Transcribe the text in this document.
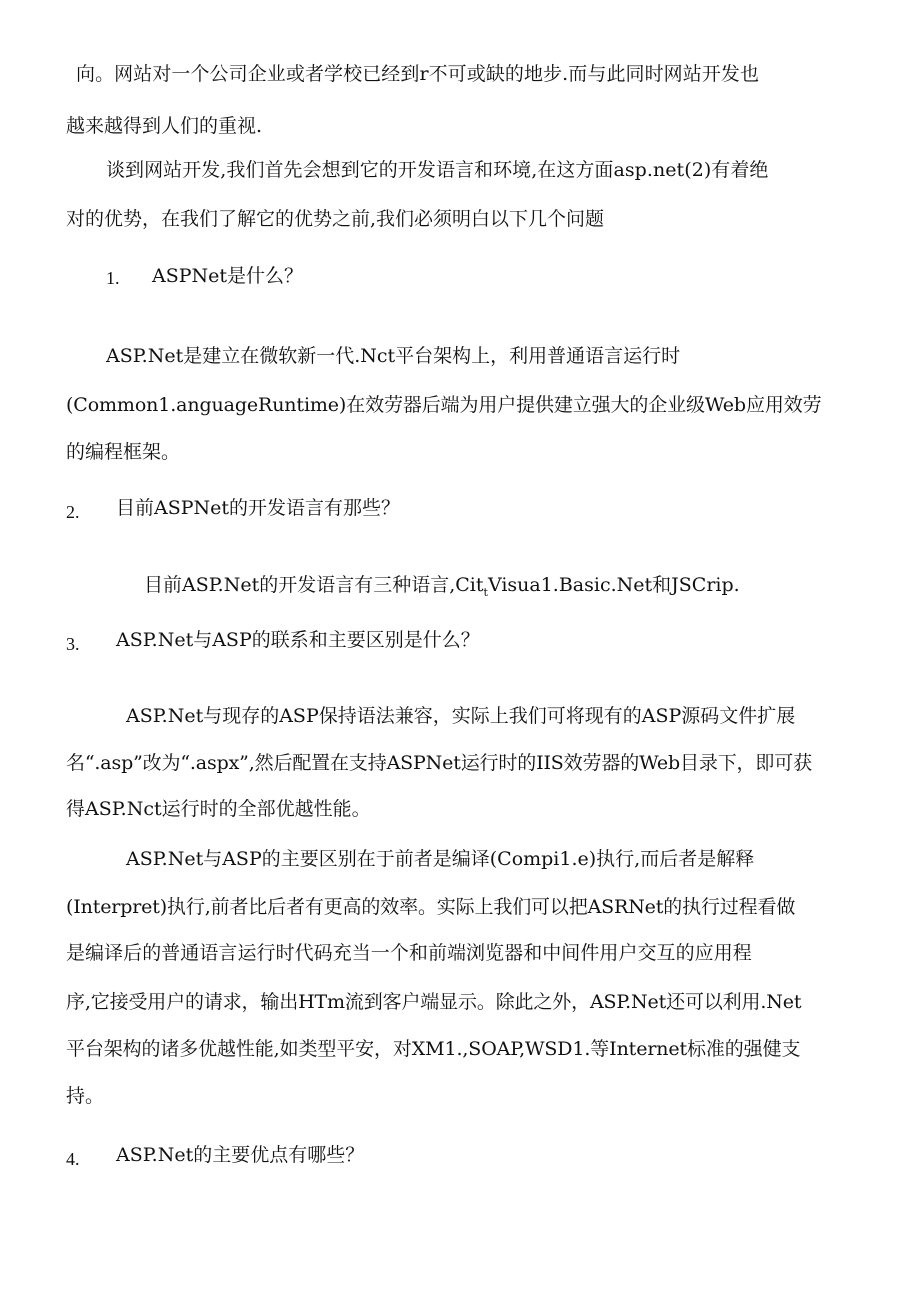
向。网站对一个公司企业或者学校已经到r不可或缺的地步.而与此同时网站开发也
越来越得到人们的重视.
谈到网站开发,我们首先会想到它的开发语言和环境,在这方面asp.net(2)有着绝
对的优势，在我们了解它的优势之前,我们必须明白以下几个问题
1. ASPNet是什么？
ASP.Net是建立在微软新一代.Nct平台架构上，利用普通语言运行时
(Common1.anguageRuntime)在效劳器后端为用户提供建立强大的企业级Web应用效劳
的编程框架。
2. 目前ASPNet的开发语言有那些？
目前ASP.Net的开发语言有三种语言,Cit$_t$Visua1.Basic.Net和JSCrip.
3. ASP.Net与ASP的联系和主要区别是什么？
ASP.Net与现存的ASP保持语法兼容，实际上我们可将现有的ASP源码文件扩展
名“.asp”改为“.aspx”,然后配置在支持ASPNet运行时的IIS效劳器的Web目录下，即可获
得ASP.Nct运行时的全部优越性能。
ASP.Net与ASP的主要区别在于前者是编译(Compi1.e)执行,而后者是解释
(Interpret)执行,前者比后者有更高的效率。实际上我们可以把ASRNet的执行过程看做
是编译后的普通语言运行时代码充当一个和前端浏览器和中间件用户交互的应用程
序,它接受用户的请求，输出HTm流到客户端显示。除此之外，ASP.Net还可以利用.Net
平台架构的诸多优越性能,如类型平安，对XM1.,SOAP,WSD1.等Internet标准的强健支
持。
4. ASP.Net的主要优点有哪些？
